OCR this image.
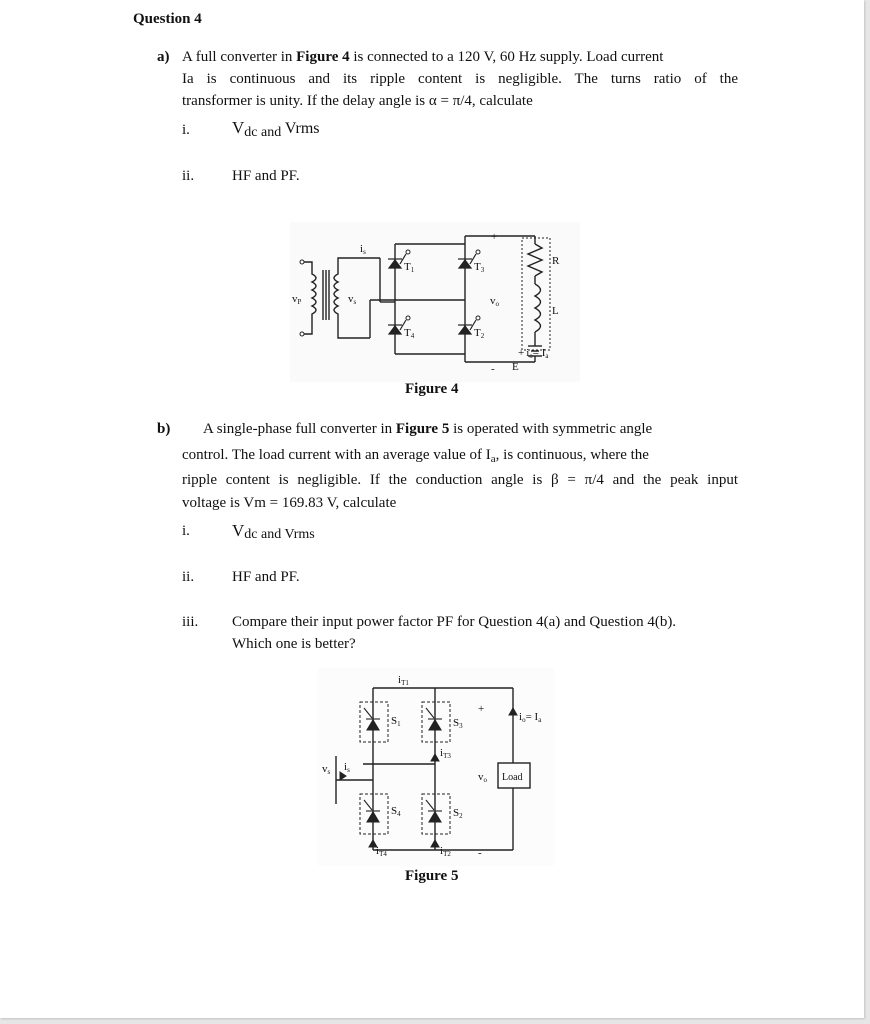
Question 4
a) A full converter in Figure 4 is connected to a 120 V, 60 Hz supply. Load current
Ia is continuous and its ripple content is negligible. The turns ratio of the
transformer is unity. If the delay angle is α = π/4, calculate
i. Vdc and Vrms
ii.	HF and PF.
is
vP	vs
T1
T4
T3
T2
vo
R
L
E
+ io= Ia
+
-
Figure 4
b) A single-phase full converter in Figure 5 is operated with symmetric angle
control. The load current with an average value of $I_a$, is continuous, where the
ripple content is negligible. If the conduction angle is β = π/4 and the peak input
voltage is Vm = 169.83 V, calculate
i. Vdc and Vrms
ii.	HF and PF.
iii. Compare their input power factor PF for Question 4(a) and Question 4(b).
Which one is better?
iT1
S1	S3
iT3
S4	S2
iT4	iT2
vo Load
io= Ia
vs is
+
-
Figure 5
